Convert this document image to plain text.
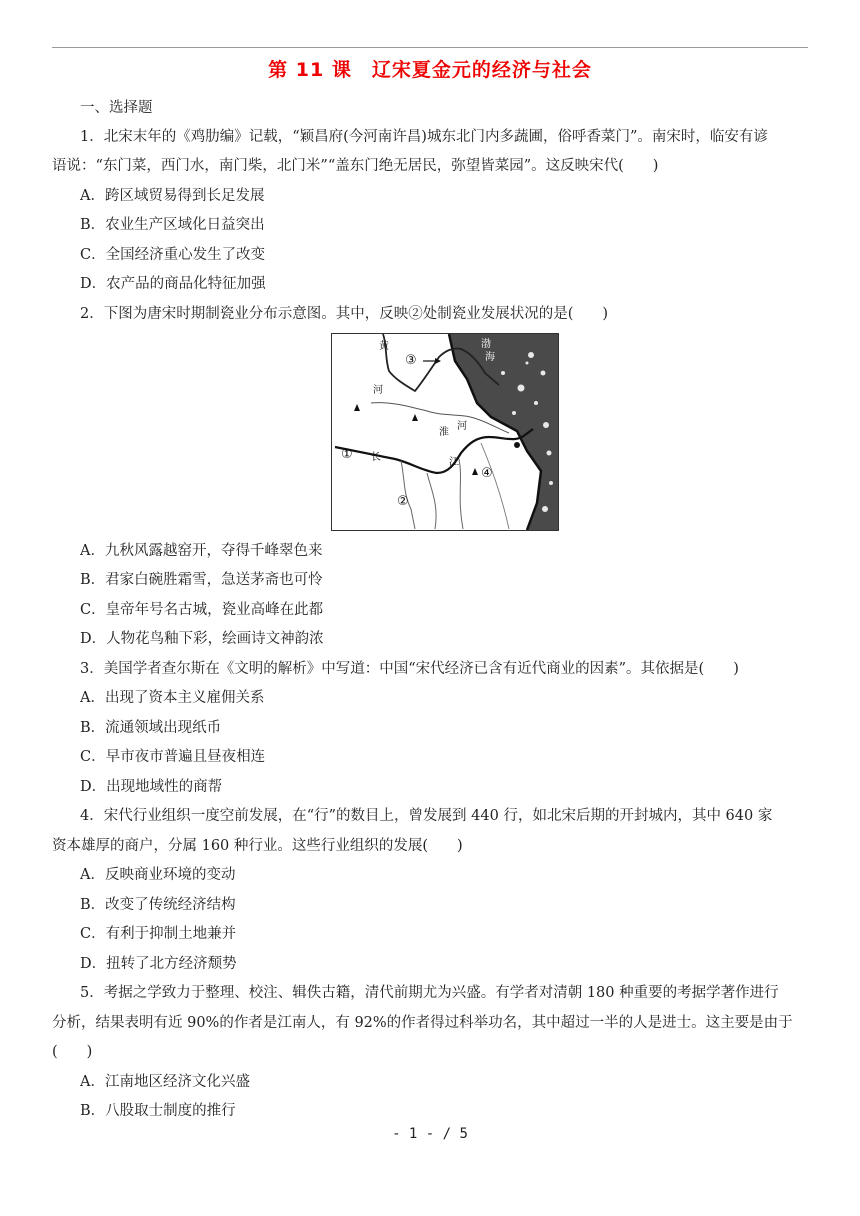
第 11 课　辽宋夏金元的经济与社会
一、选择题
1．北宋末年的《鸡肋编》记载，“颖昌府(今河南许昌)城东北门内多蔬圃，俗呼香菜门”。南宋时，临安有谚
语说：“东门菜，西门水，南门柴，北门米”“盖东门绝无居民，弥望皆菜园”。这反映宋代(　　)
A．跨区域贸易得到长足发展
B．农业生产区域化日益突出
C．全国经济重心发生了改变
D．农产品的商品化特征加强
2．下图为唐宋时期制瓷业分布示意图。其中，反映②处制瓷业发展状况的是(　　)
黄
河
③
渤
海
淮
河
① 长	江
④
②
A．九秋风露越窑开，夺得千峰翠色来
B．君家白碗胜霜雪，急送茅斋也可怜
C．皇帝年号名古城，瓷业高峰在此都
D．人物花鸟釉下彩，绘画诗文神韵浓
3．美国学者查尔斯在《文明的解析》中写道：中国“宋代经济已含有近代商业的因素”。其依据是(　　)
A．出现了资本主义雇佣关系
B．流通领域出现纸币
C．早市夜市普遍且昼夜相连
D．出现地域性的商帮
4．宋代行业组织一度空前发展，在“行”的数目上，曾发展到 440 行，如北宋后期的开封城内，其中 640 家
资本雄厚的商户，分属 160 种行业。这些行业组织的发展(　　)
A．反映商业环境的变动
B．改变了传统经济结构
C．有利于抑制土地兼并
D．扭转了北方经济颓势
5．考据之学致力于整理、校注、辑佚古籍，清代前期尤为兴盛。有学者对清朝 180 种重要的考据学著作进行
分析，结果表明有近 90%的作者是江南人，有 92%的作者得过科举功名，其中超过一半的人是进士。这主要是由于
(　　)
A．江南地区经济文化兴盛
B．八股取士制度的推行
- 1 - / 5
